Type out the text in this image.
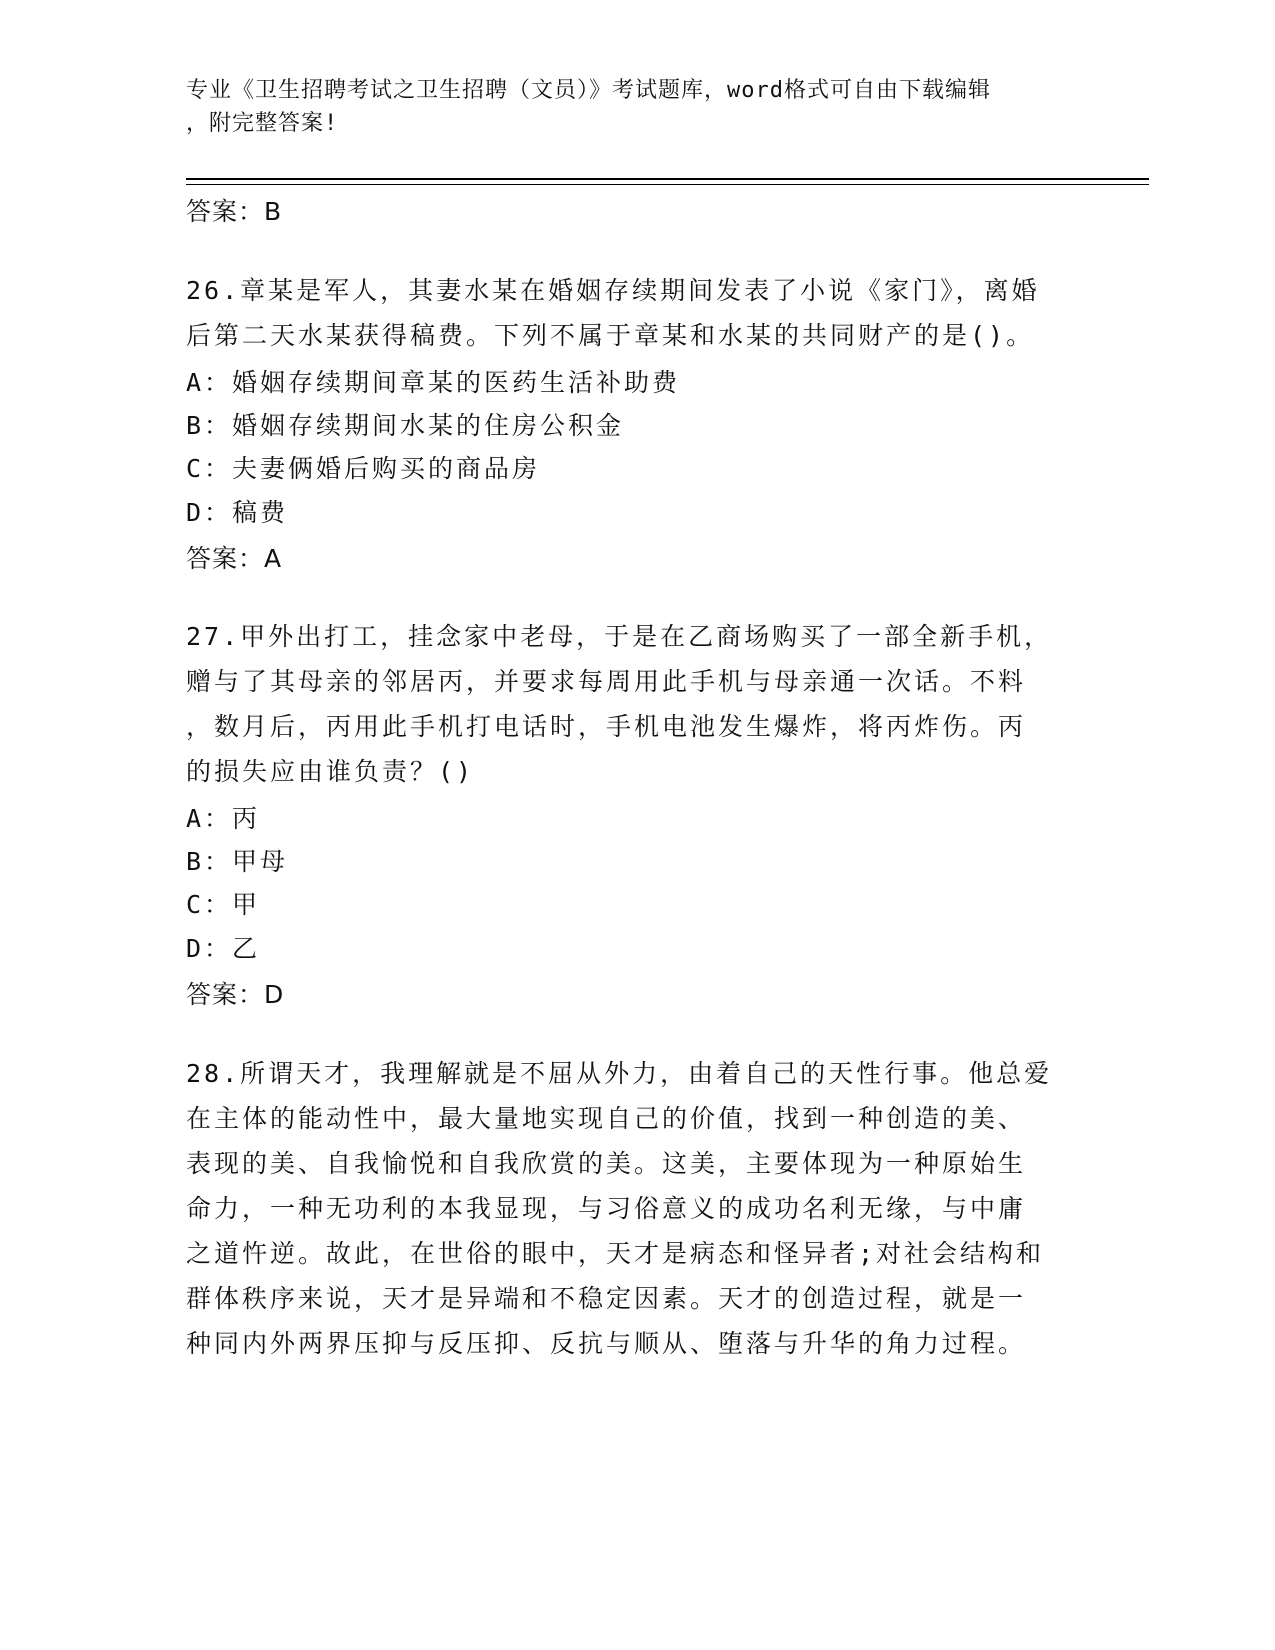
专业《卫生招聘考试之卫生招聘（文员）》考试题库，word格式可自由下载编辑
，附完整答案!
答案：B
26.章某是军人，其妻水某在婚姻存续期间发表了小说《家门》，离婚
后第二天水某获得稿费。下列不属于章某和水某的共同财产的是()。
A：婚姻存续期间章某的医药生活补助费
B：婚姻存续期间水某的住房公积金
C：夫妻俩婚后购买的商品房
D：稿费
答案：A
27.甲外出打工，挂念家中老母，于是在乙商场购买了一部全新手机，
赠与了其母亲的邻居丙，并要求每周用此手机与母亲通一次话。不料
，数月后，丙用此手机打电话时，手机电池发生爆炸，将丙炸伤。丙
的损失应由谁负责？()
A：丙
B：甲母
C：甲
D：乙
答案：D
28.所谓天才，我理解就是不屈从外力，由着自己的天性行事。他总爱
在主体的能动性中，最大量地实现自己的价值，找到一种创造的美、
表现的美、自我愉悦和自我欣赏的美。这美，主要体现为一种原始生
命力，一种无功利的本我显现，与习俗意义的成功名利无缘，与中庸
之道忤逆。故此，在世俗的眼中，天才是病态和怪异者;对社会结构和
群体秩序来说，天才是异端和不稳定因素。天才的创造过程，就是一
种同内外两界压抑与反压抑、反抗与顺从、堕落与升华的角力过程。
